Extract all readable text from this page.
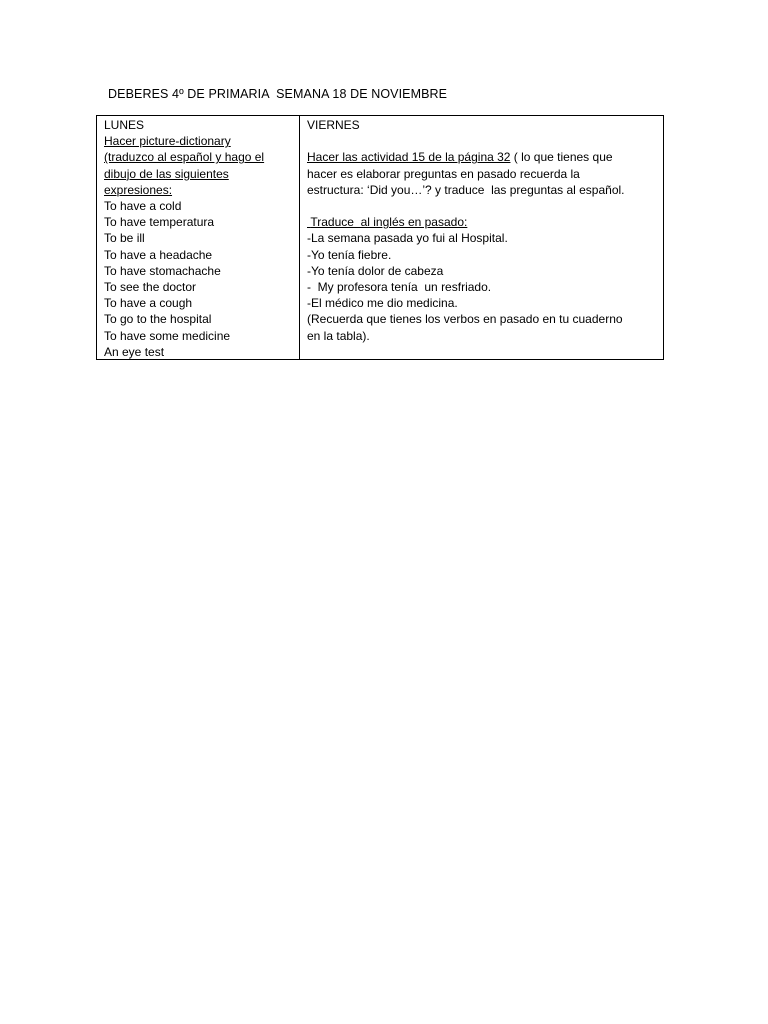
DEBERES 4º DE PRIMARIA  SEMANA 18 DE NOVIEMBRE
LUNES
Hacer picture-dictionary
(traduzco al español y hago el
dibujo de las siguientes
expresiones:
To have a cold
To have temperatura
To be ill
To have a headache
To have stomachache
To see the doctor
To have a cough
To go to the hospital
To have some medicine
An eye test
VIERNES
Hacer las actividad 15 de la página 32 ( lo que tienes que
hacer es elaborar preguntas en pasado recuerda la
estructura: ‘Did you…’? y traduce  las preguntas al español.
Traduce  al inglés en pasado:
-La semana pasada yo fui al Hospital.
-Yo tenía fiebre.
-Yo tenía dolor de cabeza
-  My profesora tenía  un resfriado.
-El médico me dio medicina.
(Recuerda que tienes los verbos en pasado en tu cuaderno
en la tabla).
